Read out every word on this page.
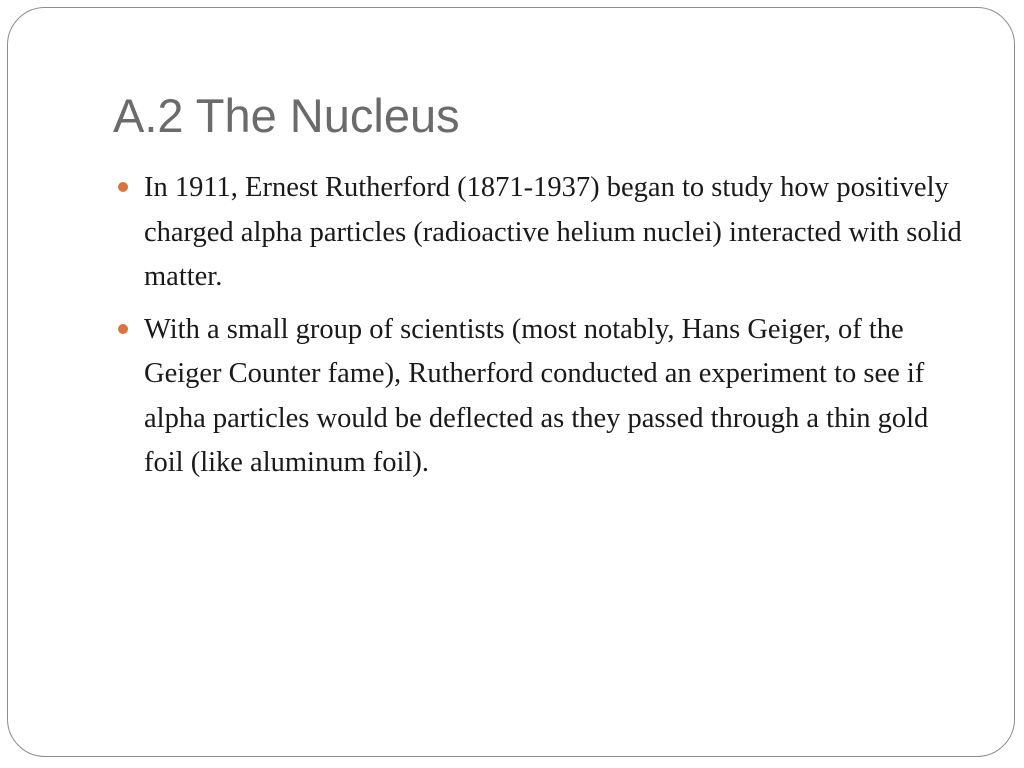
A.2 The Nucleus
In 1911, Ernest Rutherford (1871-1937) began to study how positively charged alpha particles (radioactive helium nuclei) interacted with solid matter.
With a small group of scientists (most notably, Hans Geiger, of the Geiger Counter fame), Rutherford conducted an experiment to see if alpha particles would be deflected as they passed through a thin gold foil (like aluminum foil).
